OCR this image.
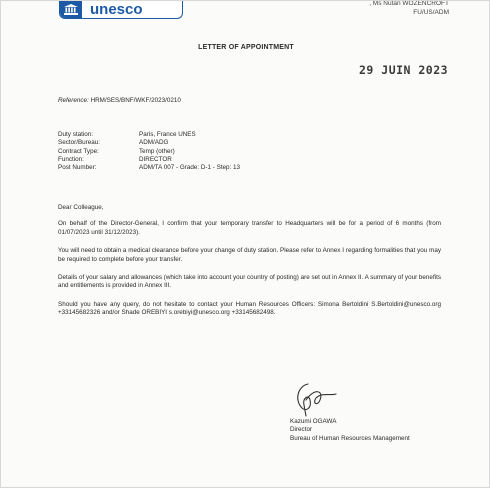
unesco	, Ms Nutan WOZENCROFT
FU/US/ADM
LETTER OF APPOINTMENT
29 JUIN 2023
Reference: HRM/SES/BNF/WKF/2023/0210
Duty station:	Paris, France UNES
Sector/Bureau:	ADM/ADG
Contract Type:	Temp (other)
Function:	DIRECTOR
Post Number:	ADM/TA 007 - Grade: D-1 - Step: 13

Dear Colleague,

On behalf of the Director-General, I confirm that your temporary transfer to Headquarters will be for a period of 6 months (from 01/07/2023 until 31/12/2023).

You will need to obtain a medical clearance before your change of duty station. Please refer to Annex I regarding formalities that you may be required to complete before your transfer.

Details of your salary and allowances (which take into account your country of posting) are set out in Annex II. A summary of your benefits and entitlements is provided in Annex III.

Should you have any query, do not hesitate to contact your Human Resources Officers: Simona Bertoldini S.Bertoldini@unesco.org +33145682326 and/or Shade OREBIYI s.orebiyi@unesco.org +33145682498.

Kazumi OGAWA
Director
Bureau of Human Resources Management
